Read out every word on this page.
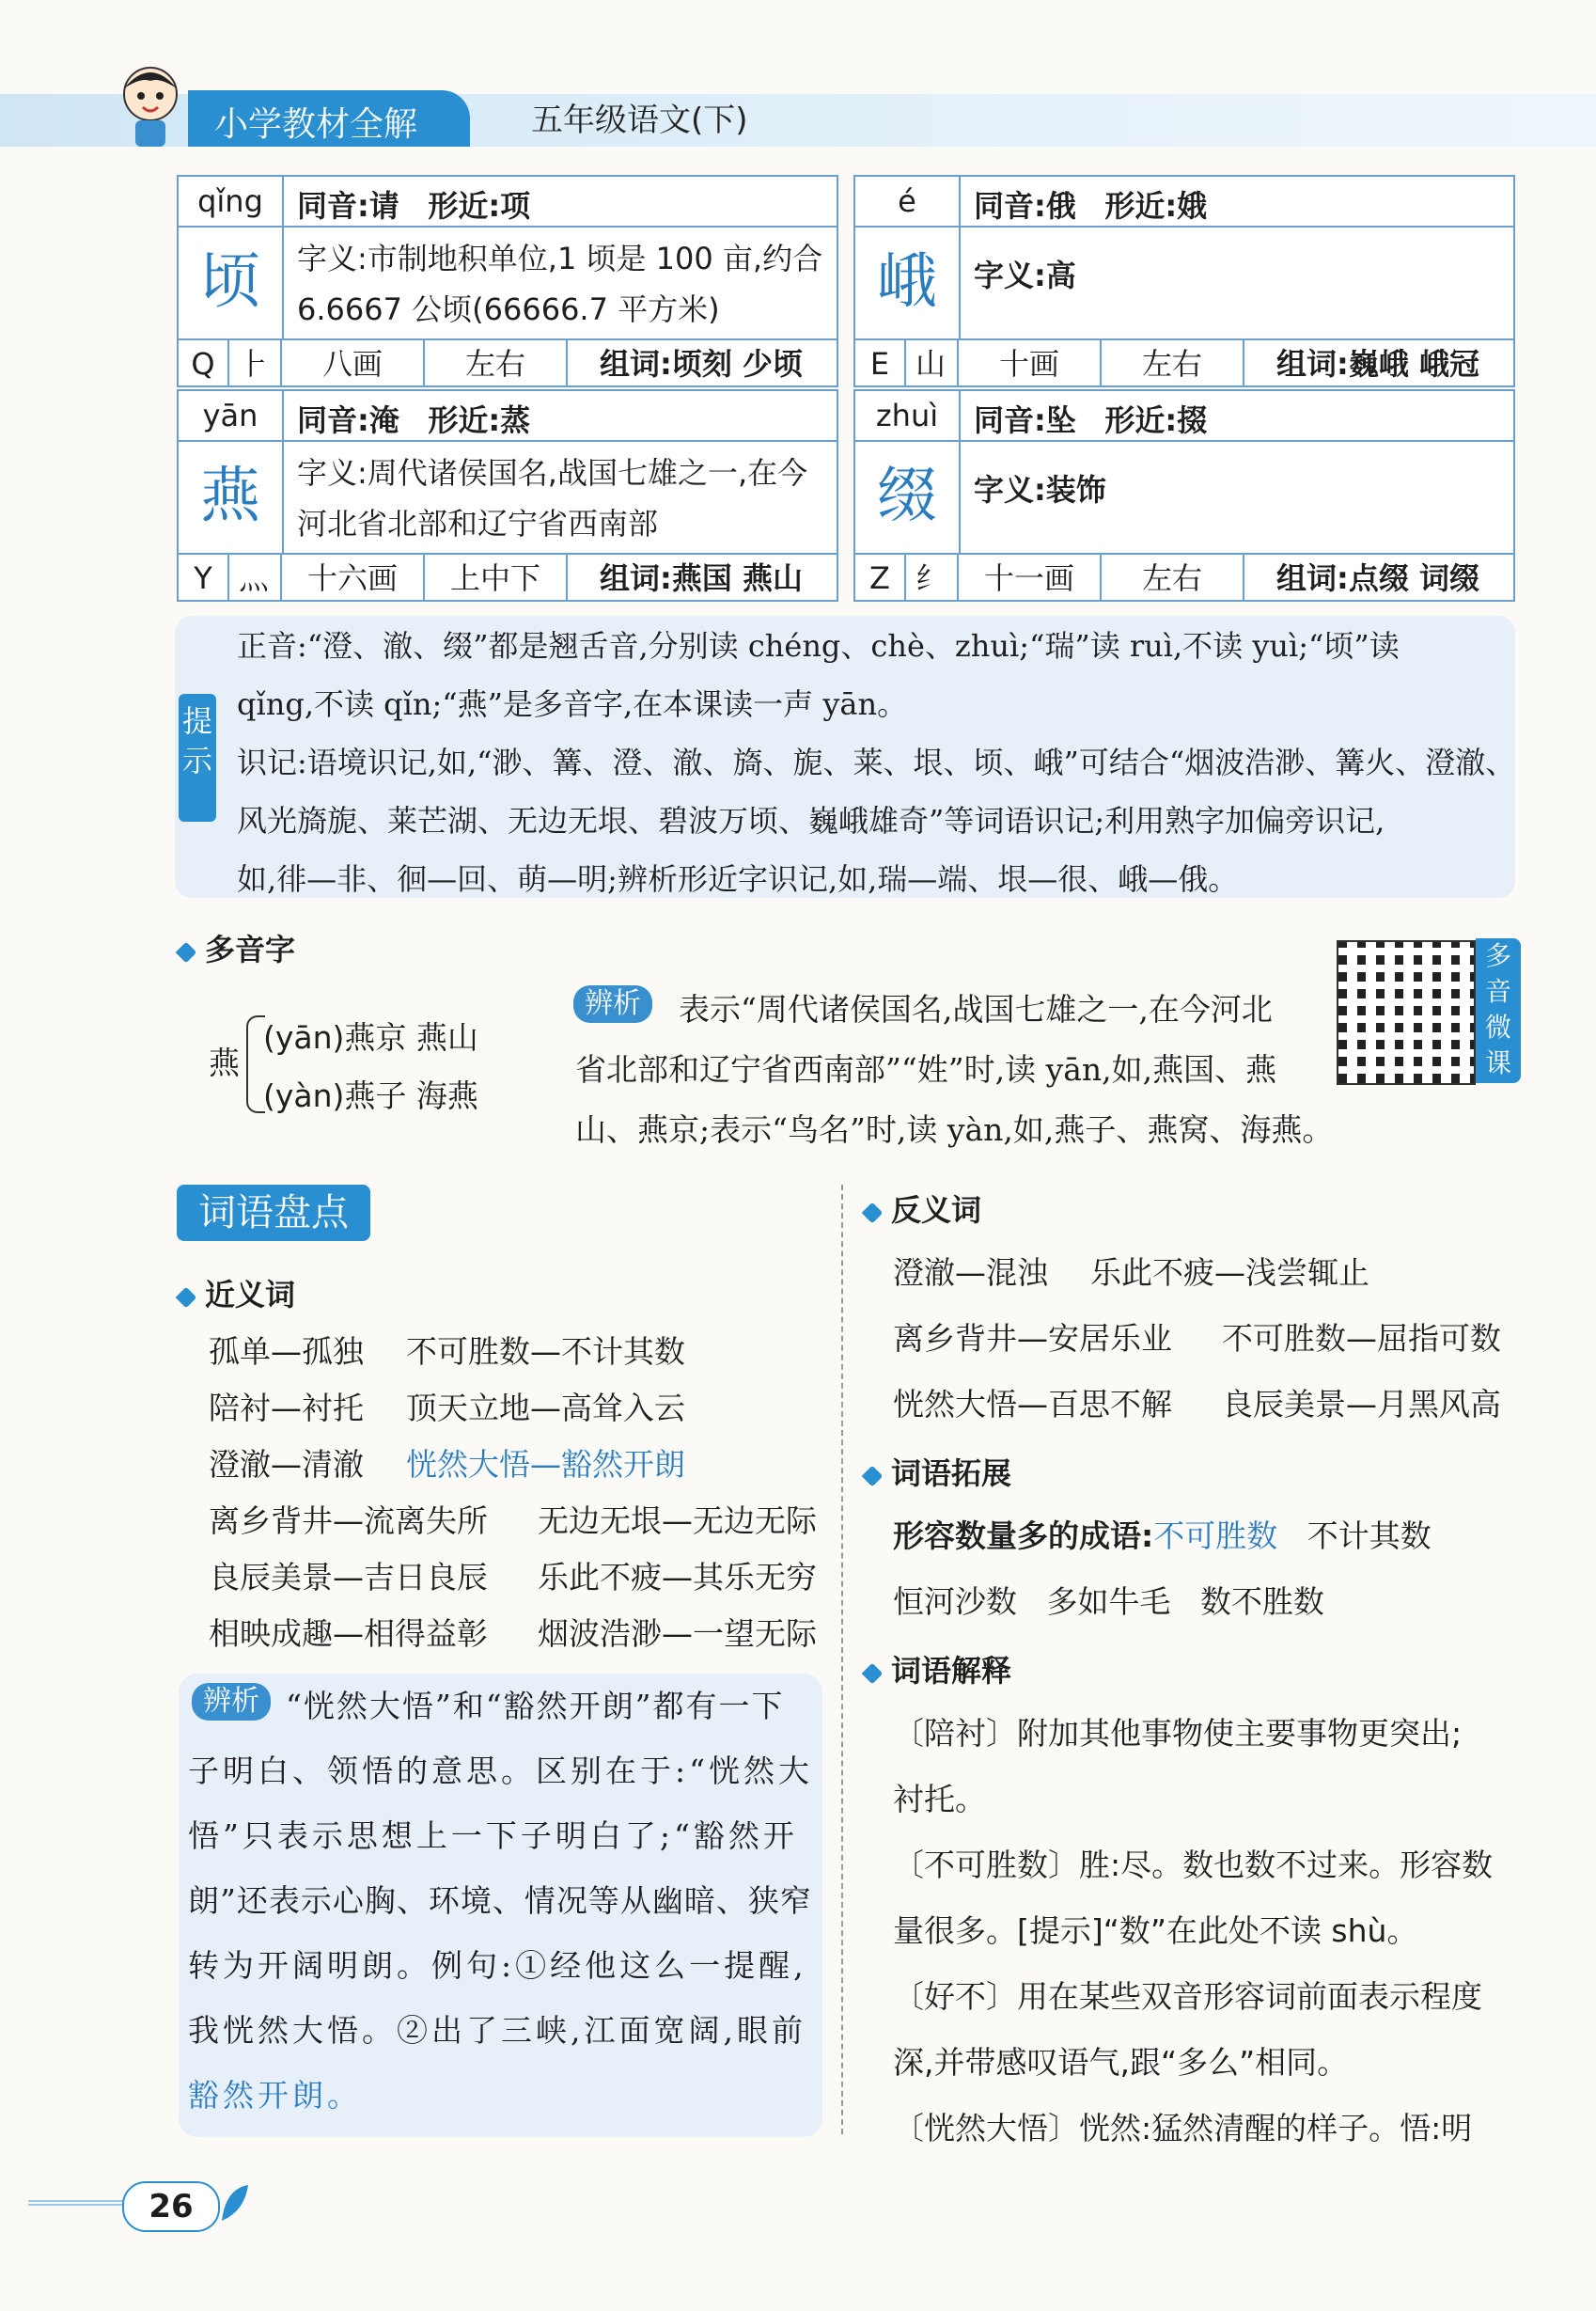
小学教材全解	五年级语文(下)
qǐng
顷
同音:请 形近:项
字义:市制地积单位,1 顷是 100 亩,约合 6.6667 公顷(66666.7 平方米)
Q ⺊	八画	左右	组词:顷刻 少顷
é
峨
同音:俄 形近:娥
字义:高
E 山	十画	左右	组词:巍峨 峨冠
yān
燕
同音:淹 形近:蒸
字义:周代诸侯国名,战国七雄之一,在今河北省北部和辽宁省西南部
Y 灬	十六画	上中下	组词:燕国 燕山
zhuì
缀
同音:坠 形近:掇
字义:装饰
Z 纟	十一画	左右	组词:点缀 词缀
提示
正音:“澄、澈、缀”都是翘舌音,分别读 chéng、chè、zhuì;“瑞”读 ruì,不读 yuì;“顷”读
qǐng,不读 qǐn;“燕”是多音字,在本课读一声 yān。
识记:语境识记,如,“渺、篝、澄、澈、旖、旎、莱、垠、顷、峨”可结合“烟波浩渺、篝火、澄澈、
风光旖旎、莱芒湖、无边无垠、碧波万顷、巍峨雄奇”等词语识记;利用熟字加偏旁识记,
如,徘—非、徊—回、萌—明;辨析形近字识记,如,瑞—端、垠—很、峨—俄。
多音字
燕
(yān)燕京 燕山
(yàn)燕子 海燕
辨析	表示“周代诸侯国名,战国七雄之一,在今河北
省北部和辽宁省西南部”“姓”时,读 yān,如,燕国、燕
山、燕京;表示“鸟名”时,读 yàn,如,燕子、燕窝、海燕。
多音微课
词语盘点
近义词
孤单—孤独 不可胜数—不计其数
陪衬—衬托 顶天立地—高耸入云
澄澈—清澈 恍然大悟—豁然开朗
离乡背井—流离失所 无边无垠—无边无际
良辰美景—吉日良辰 乐此不疲—其乐无穷
相映成趣—相得益彰 烟波浩渺—一望无际
辨析 “恍然大悟”和“豁然开朗”都有一下
子明白、领悟的意思。区别在于:“恍然大
悟”只表示思想上一下子明白了;“豁然开
朗”还表示心胸、环境、情况等从幽暗、狭窄
转为开阔明朗。例句:①经他这么一提醒,
我恍然大悟。②出了三峡,江面宽阔,眼前
豁然开朗。
反义词
澄澈—混浊 乐此不疲—浅尝辄止
离乡背井—安居乐业 不可胜数—屈指可数
恍然大悟—百思不解 良辰美景—月黑风高
词语拓展
形容数量多的成语:不可胜数 不计其数
恒河沙数   多如牛毛   数不胜数
词语解释
〔陪衬〕附加其他事物使主要事物更突出;
衬托。
〔不可胜数〕胜:尽。数也数不过来。形容数
量很多。[提示]“数”在此处不读 shù。
〔好不〕用在某些双音形容词前面表示程度
深,并带感叹语气,跟“多么”相同。
〔恍然大悟〕恍然:猛然清醒的样子。悟:明
26
